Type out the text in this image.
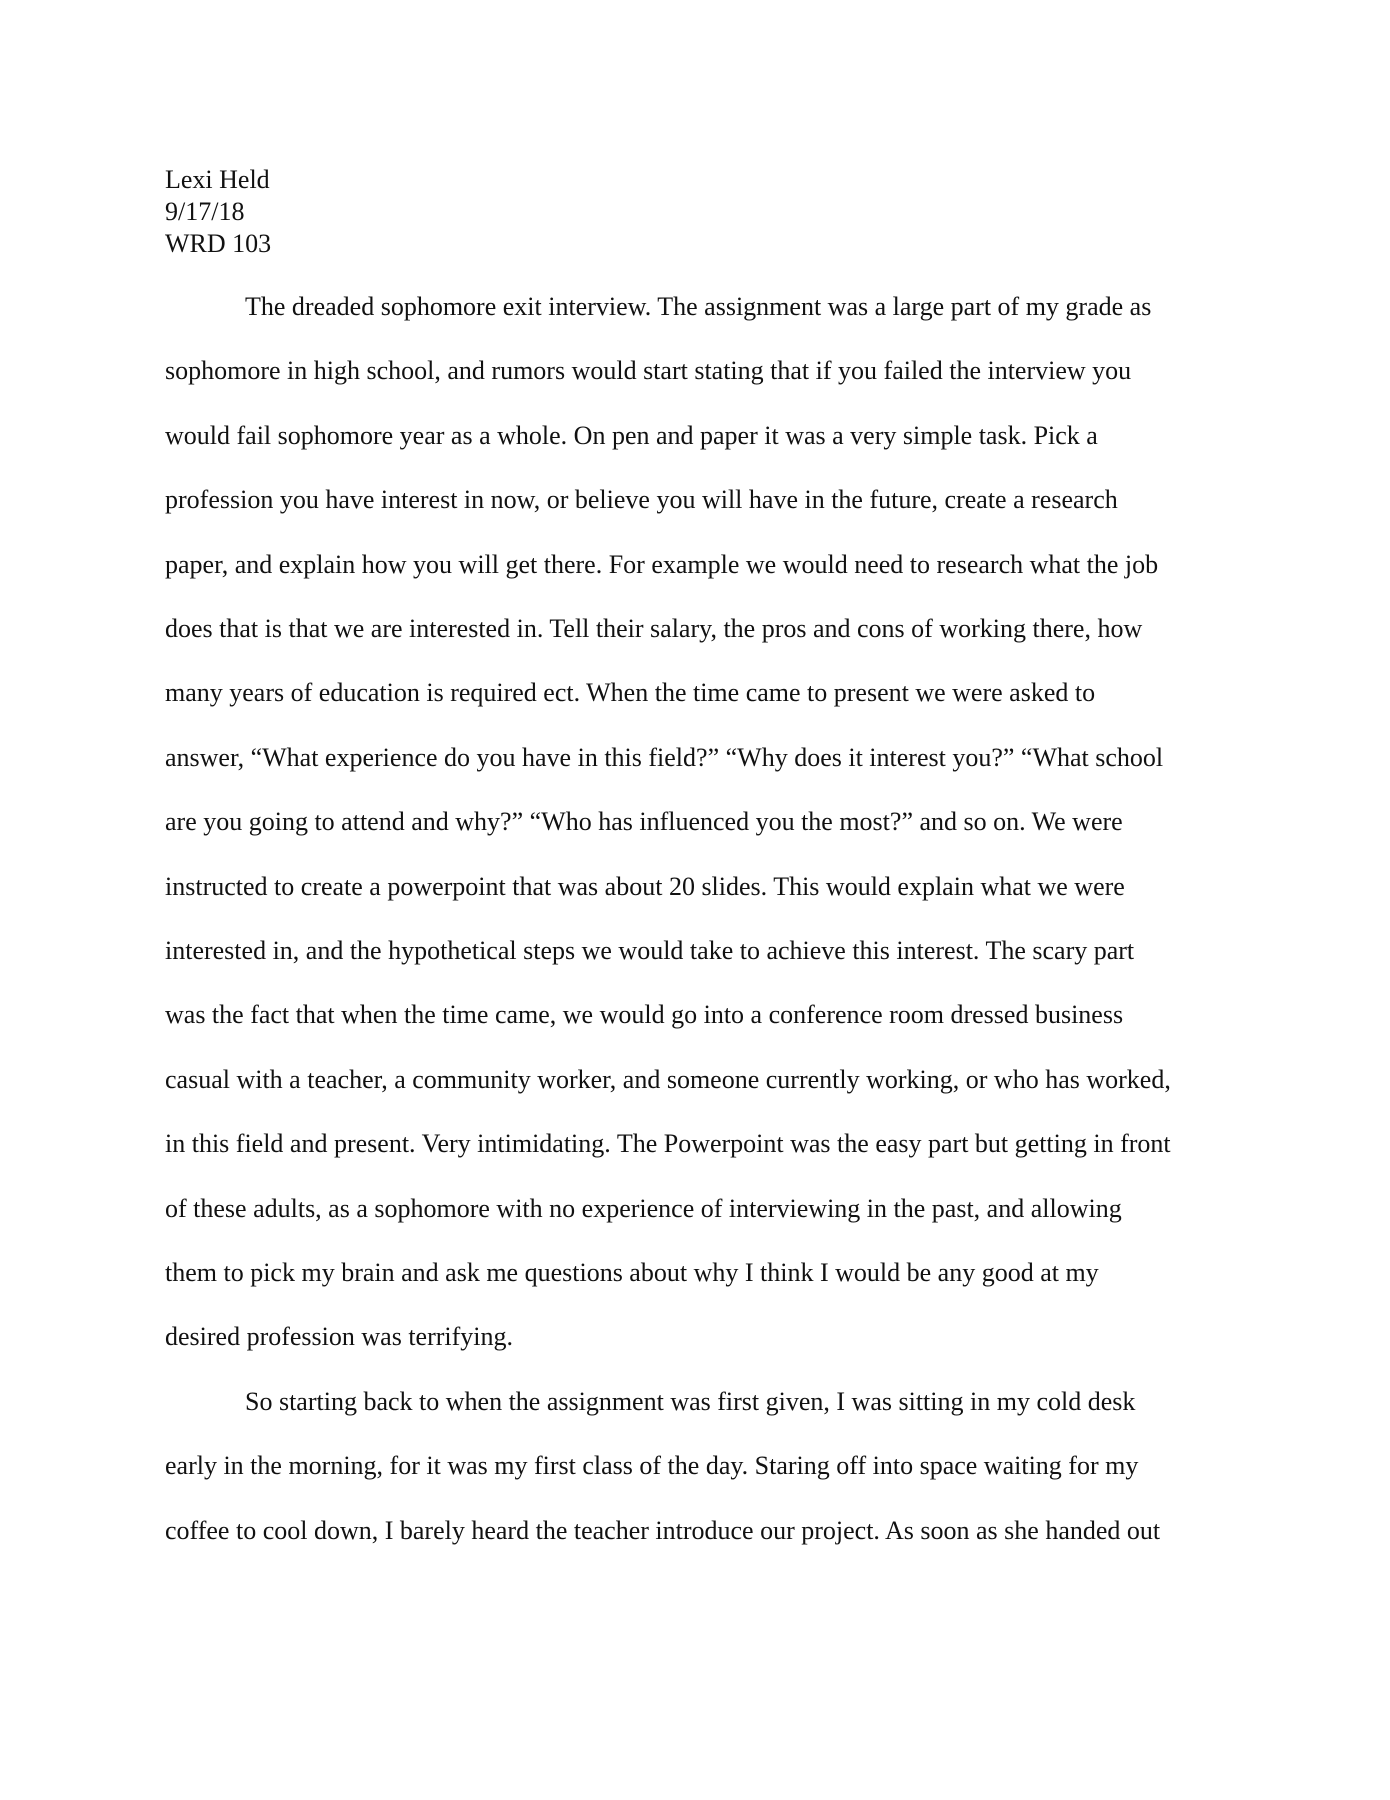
Lexi Held
9/17/18
WRD 103
The dreaded sophomore exit interview. The assignment was a large part of my grade as
sophomore in high school, and rumors would start stating that if you failed the interview you
would fail sophomore year as a whole. On pen and paper it was a very simple task. Pick a
profession you have interest in now, or believe you will have in the future, create a research
paper, and explain how you will get there. For example we would need to research what the job
does that is that we are interested in. Tell their salary, the pros and cons of working there, how
many years of education is required ect. When the time came to present we were asked to
answer, “What experience do you have in this field?” “Why does it interest you?” “What school
are you going to attend and why?” “Who has influenced you the most?” and so on. We were
instructed to create a powerpoint that was about 20 slides. This would explain what we were
interested in, and the hypothetical steps we would take to achieve this interest. The scary part
was the fact that when the time came, we would go into a conference room dressed business
casual with a teacher, a community worker, and someone currently working, or who has worked,
in this field and present. Very intimidating. The Powerpoint was the easy part but getting in front
of these adults, as a sophomore with no experience of interviewing in the past, and allowing
them to pick my brain and ask me questions about why I think I would be any good at my
desired profession was terrifying.
So starting back to when the assignment was first given, I was sitting in my cold desk
early in the morning, for it was my first class of the day. Staring off into space waiting for my
coffee to cool down, I barely heard the teacher introduce our project. As soon as she handed out
